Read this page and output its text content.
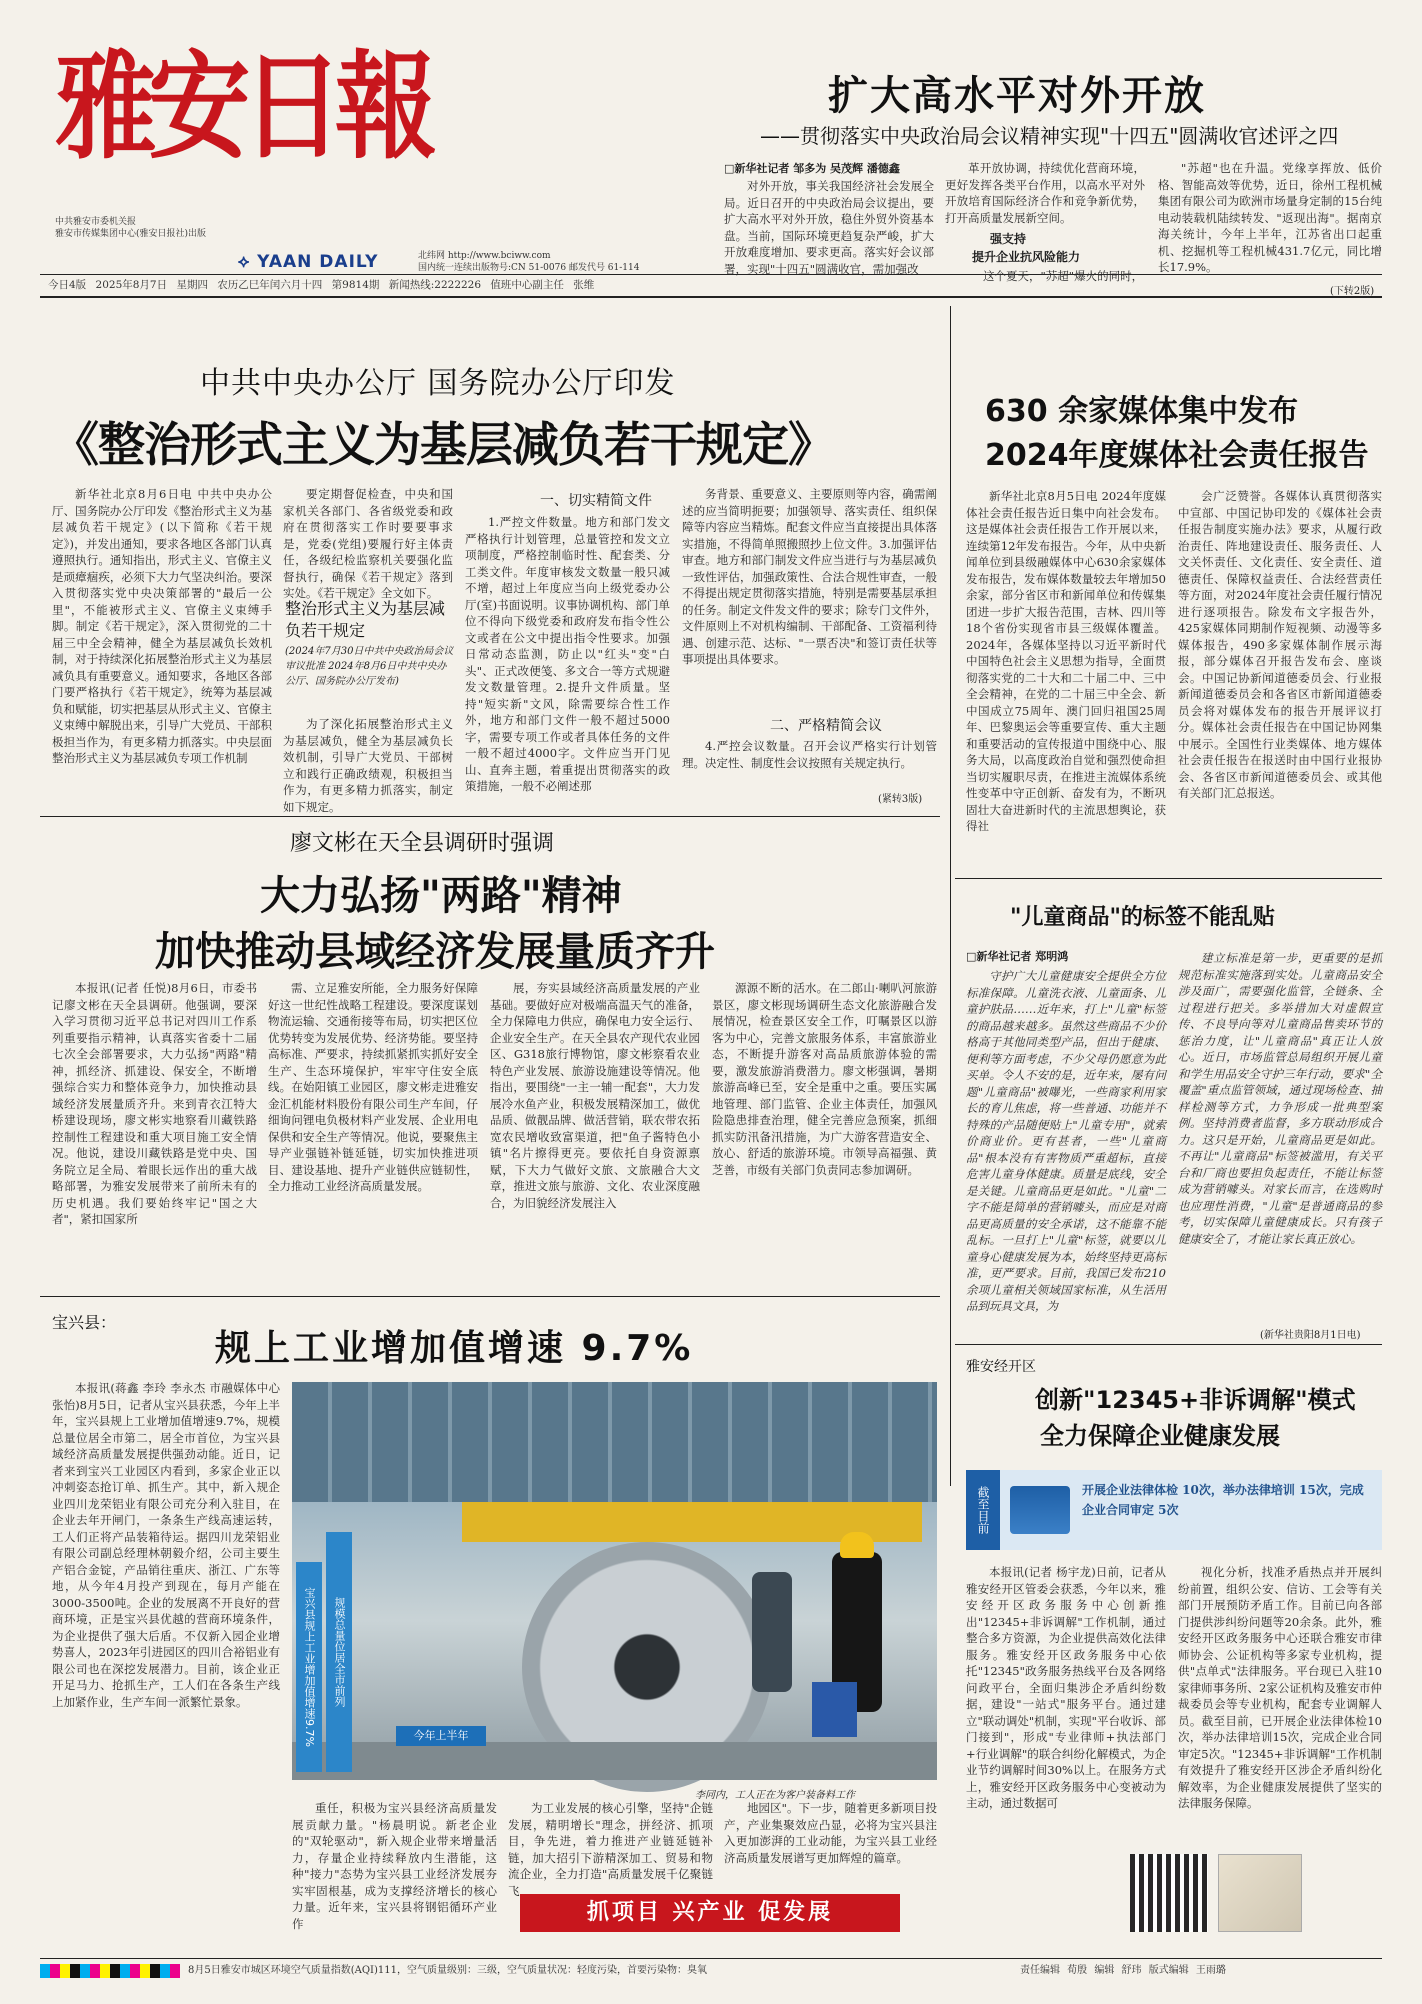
雅安日報
中共雅安市委机关报
雅安市传媒集团中心(雅安日报社)出版
⟡ YAAN DAILY	北纬网 http://www.bciww.com
国内统一连续出版物号:CN 51-0076 邮发代号 61-114
今日4版 2025年8月7日 星期四 农历乙巳年闰六月十四 第9814期 新闻热线:2222226 值班中心副主任 张维
扩大高水平对外开放
——贯彻落实中央政治局会议精神实现"十四五"圆满收官述评之四
□新华社记者 邹多为 吴茂辉 潘德鑫

对外开放，事关我国经济社会发展全局。近日召开的中央政治局会议提出，要扩大高水平对外开放，稳住外贸外资基本盘。当前，国际环境更趋复杂严峻，扩大开放难度增加、要求更高。落实好会议部署，实现"十四五"圆满收官，需加强改

革开放协调，持续优化营商环境，更好发挥各类平台作用，以高水平对外开放培育国际经济合作和竞争新优势，打开高质量发展新空间。

强支持
提升企业抗风险能力

这个夏天，"苏超"爆火的同时，

"苏超"也在升温。党缘享挥放、低价格、智能高效等优势，近日，徐州工程机械集团有限公司为欧洲市场量身定制的15台纯电动装载机陆续转发、"返现出海"。据南京海关统计，今年上半年，江苏省出口起重机、挖掘机等工程机械431.7亿元，同比增长17.9%。

(下转2版)
中共中央办公厅 国务院办公厅印发
《整治形式主义为基层减负若干规定》

新华社北京8月6日电 中共中央办公厅、国务院办公厅印发《整治形式主义为基层减负若干规定》(以下简称《若干规定》)，并发出通知，要求各地区各部门认真遵照执行。通知指出，形式主义、官僚主义是顽瘴痼疾，必须下大力气坚决纠治。要深入贯彻落实党中央决策部署的"最后一公里"，不能被形式主义、官僚主义束缚手脚。制定《若干规定》，深入贯彻党的二十届三中全会精神，健全为基层减负长效机制，对于持续深化拓展整治形式主义为基层减负具有重要意义。通知要求，各地区各部门要严格执行《若干规定》，统筹为基层减负和赋能，切实把基层从形式主义、官僚主义束缚中解脱出来，引导广大党员、干部积极担当作为，有更多精力抓落实。中央层面整治形式主义为基层减负专项工作机制

要定期督促检查，中央和国家机关各部门、各省级党委和政府在贯彻落实工作时要要事求是，党委(党组)要履行好主体责任，各级纪检监察机关要强化监督执行，确保《若干规定》落到实处。《若干规定》全文如下。

整治形式主义为基层减负若干规定
(2024年7月30日中共中央政治局会议审议批准 2024年8月6日中共中央办公厅、国务院办公厅发布)

为了深化拓展整治形式主义为基层减负，健全为基层减负长效机制，引导广大党员、干部树立和践行正确政绩观，积极担当作为，有更多精力抓落实，制定如下规定。

一、切实精简文件

1.严控文件数量。地方和部门发文严格执行计划管理，总量管控和发文立项制度，严格控制临时性、配套类、分工类文件。年度审核发文数量一般只减不增，超过上年度应当向上级党委办公厅(室)书面说明。议事协调机构、部门单位不得向下级党委和政府发布指令性公文或者在公文中提出指令性要求。加强日常动态监测，防止以"红头"变"白头"、正式改便笺、多文合一等方式规避发文数量管理。2.提升文件质量。坚持"短实新"文风，除需要综合性工作外，地方和部门文件一般不超过5000字，需要专项工作或者具体任务的文件一般不超过4000字。文件应当开门见山、直奔主题，着重提出贯彻落实的政策措施，一般不必阐述那

务背景、重要意义、主要原则等内容，确需阐述的应当简明扼要；加强领导、落实责任、组织保障等内容应当精炼。配套文件应当直接提出具体落实措施，不得简单照搬照抄上位文件。3.加强评估审查。地方和部门制发文件应当进行与为基层减负一致性评估，加强政策性、合法合规性审查，一般不得提出规定贯彻落实措施，特别是需要基层承担的任务。制定文件发文件的要求；除专门文件外，文件原则上不对机构编制、干部配备、工资福利待遇、创建示范、达标、"一票否决"和签订责任状等事项提出具体要求。

二、严格精简会议

4.严控会议数量。召开会议严格实行计划管理。决定性、制度性会议按照有关规定执行。

(紧转3版)
630 余家媒体集中发布
2024年度媒体社会责任报告

新华社北京8月5日电 2024年度媒体社会责任报告近日集中向社会发布。这是媒体社会责任报告工作开展以来，连续第12年发布报告。今年，从中央新闻单位到县级融媒体中心630余家媒体发布报告，发布媒体数量较去年增加50余家，部分省区市和新闻单位和传媒集团进一步扩大报告范围，吉林、四川等18个省份实现省市县三级媒体覆盖。2024年，各媒体坚持以习近平新时代中国特色社会主义思想为指导，全面贯彻落实党的二十大和二十届二中、三中全会精神，在党的二十届三中全会、新中国成立75周年、澳门回归祖国25周年、巴黎奥运会等重要宣传、重大主题和重要活动的宣传报道中围绕中心、服务大局，以高度政治自觉和强烈使命担当切实履职尽责，在推进主流媒体系统性变革中守正创新、奋发有为，不断巩固壮大奋进新时代的主流思想舆论，获得社

会广泛赞誉。各媒体认真贯彻落实中宣部、中国记协印发的《媒体社会责任报告制度实施办法》要求，从履行政治责任、阵地建设责任、服务责任、人文关怀责任、文化责任、安全责任、道德责任、保障权益责任、合法经营责任等方面，对2024年度社会责任履行情况进行逐项报告。除发布文字报告外，425家媒体同期制作短视频、动漫等多媒体报告，490多家媒体制作展示海报，部分媒体召开报告发布会、座谈会。中国记协新闻道德委员会、行业报新闻道德委员会和各省区市新闻道德委员会将对媒体发布的报告开展评议打分。媒体社会责任报告在中国记协网集中展示。全国性行业类媒体、地方媒体社会责任报告在报送时由中国行业报协会、各省区市新闻道德委员会、或其他有关部门汇总报送。

廖文彬在天全县调研时强调
大力弘扬"两路"精神
加快推动县域经济发展量质齐升

本报讯(记者 任悦)8月6日，市委书记廖文彬在天全县调研。他强调，要深入学习贯彻习近平总书记对四川工作系列重要指示精神，认真落实省委十二届七次全会部署要求，大力弘扬"两路"精神，抓经济、抓建设、保安全，不断增强综合实力和整体竞争力，加快推动县域经济发展量质齐升。来到青衣江特大桥建设现场，廖文彬实地察看川藏铁路控制性工程建设和重大项目施工安全情况。他说，建设川藏铁路是党中央、国务院立足全局、着眼长远作出的重大战略部署，为雅安发展带来了前所未有的历史机遇。我们要始终牢记"国之大者"，紧扣国家所

需、立足雅安所能，全力服务好保障好这一世纪性战略工程建设。要深度谋划物流运输、交通衔接等布局，切实把区位优势转变为发展优势、经济势能。要坚持高标准、严要求，持续抓紧抓实抓好安全生产、生态环境保护，牢牢守住安全底线。在始阳镇工业园区，廖文彬走进雅安金汇机能材料股份有限公司生产车间，仔细询问锂电负极材料产业发展、企业用电保供和安全生产等情况。他说，要聚焦主导产业强链补链延链，切实加快推进项目、建设基地、提升产业链供应链韧性，全力推动工业经济高质量发展。

展，夯实县域经济高质量发展的产业基础。要做好应对极端高温天气的准备，全力保障电力供应，确保电力安全运行、企业安全生产。在天全县农产现代农业园区、G318旅行博物馆，廖文彬察看农业特色产业发展、旅游设施建设等情况。他指出，要围绕"一主一辅一配套"，大力发展冷水鱼产业，积极发展精深加工，做优品质、做靓品牌、做活营销，联农带农拓宽农民增收致富渠道，把"鱼子酱特色小镇"名片擦得更亮。要依托自身资源禀赋，下大力气做好文旅、文旅融合大文章，推进文旅与旅游、文化、农业深度融合，为旧貌经济发展注入

源源不断的活水。在二郎山·喇叭河旅游景区，廖文彬现场调研生态文化旅游融合发展情况，检查景区安全工作，叮嘱景区以游客为中心，完善文旅服务体系，丰富旅游业态，不断提升游客对高品质旅游体验的需要，激发旅游消费潜力。廖文彬强调，暑期旅游高峰已至，安全是重中之重。要压实属地管理、部门监管、企业主体责任，加强风险隐患排查治理，健全完善应急预案，抓细抓实防汛备汛措施，为广大游客营造安全、放心、舒适的旅游环境。市领导高福强、黄芝善，市级有关部门负责同志参加调研。

"儿童商品"的标签不能乱贴
□新华社记者 郑明鸿

守护广大儿童健康安全提供全方位标准保障。儿童洗衣液、儿童面条、儿童护肤品……近年来，打上"儿童"标签的商品越来越多。虽然这些商品不少价格高于其他同类型产品，但出于健康、便利等方面考虑，不少父母仍愿意为此买单。令人不安的是，近年来，屡有问题"儿童商品"被曝光，一些商家利用家长的育儿焦虑，将一些普通、功能并不特殊的产品随便贴上"儿童专用"，就索价商业价。更有甚者，一些"儿童商品"根本没有有害物质严重超标，直接危害儿童身体健康。质量是底线，安全是关键。儿童商品更是如此。"儿童"二字不能是简单的营销噱头，而应是对商品更高质量的安全承诺，这不能靠不能乱标。一旦打上"儿童"标签，就要以儿童身心健康发展为本，始终坚持更高标准，更严要求。目前，我国已发布210余项儿童相关领域国家标准，从生活用品到玩具文具，为

建立标准是第一步，更重要的是抓规范标准实施落到实处。儿童商品安全涉及面广，需要强化监管，全链条、全过程进行把关。多举措加大对虚假宣传、不良导向等对儿童商品售卖环节的惩治力度，让"儿童商品"真正让人放心。近日，市场监管总局组织开展儿童和学生用品安全守护三年行动，要求"全覆盖"重点监管领域，通过现场检查、抽样检测等方式，力争形成一批典型案例。坚持消费者监督，多方联动形成合力。这只是开始，儿童商品更是如此。不再让"儿童商品"标签被滥用，有关平台和厂商也要担负起责任，不能让标签成为营销噱头。对家长而言，在选购时也应理性消费，"儿童"是普通商品的参考，切实保障儿童健康成长。只有孩子健康安全了，才能让家长真正放心。

(新华社贵阳8月1日电)
宝兴县：
规上工业增加值增速 9.7%

本报讯(蒋鑫 李玲 李永杰 市融媒体中心 张怡)8月5日，记者从宝兴县获悉，今年上半年，宝兴县规上工业增加值增速9.7%，规模总量位居全市第二，居全市首位，为宝兴县域经济高质量发展提供强劲动能。近日，记者来到宝兴工业园区内看到，多家企业正以冲刺姿态抢订单、抓生产。其中，新入规企业四川龙荣铝业有限公司充分利入驻目，在企业去年开闸门，一条条生产线高速运转，工人们正将产品装箱待运。据四川龙荣铝业有限公司副总经理林朝毅介绍，公司主要生产铝合金锭，产品销往重庆、浙江、广东等地，从今年4月投产到现在，每月产能在3000-3500吨。企业的发展离不开良好的营商环境，正是宝兴县优越的营商环境条件，为企业提供了强大后盾。不仅新入园企业增势喜人，2023年引进园区的四川合裕铝业有限公司也在深挖发展潜力。目前，该企业正开足马力、抢抓生产，工人们在各条生产线上加紧作业，生产车间一派繁忙景象。	宝兴县规上工业增加值增速9.7%	规模总量位居全市前列
今年上半年
李同内，工人正在为客户装备料工作

重任，积极为宝兴县经济高质量发展贡献力量。"杨晨明说。新老企业的"双轮驱动"，新入规企业带来增量活力，存量企业持续释放内生潜能，这种"接力"态势为宝兴县工业经济发展夯实牢固根基，成为支撑经济增长的核心力量。近年来，宝兴县将钢铝循环产业作

为工业发展的核心引擎，坚持"企链发展，精明增长"理念，拼经济、抓项目，争先进，着力推进产业链延链补链，加大招引下游精深加工、贸易和物流企业，全力打造"高质量发展千亿聚链飞

地园区"。下一步，随着更多新项目投产，产业集聚效应凸显，必将为宝兴县注入更加澎湃的工业动能，为宝兴县工业经济高质量发展谱写更加辉煌的篇章。

抓项目 兴产业 促发展
雅安经开区
创新"12345+非诉调解"模式
全力保障企业健康发展
截至目前	开展企业法律体检 10次，举办法律培训 15次，完成企业合同审定 5次

本报讯(记者 杨宇龙)日前，记者从雅安经开区管委会获悉，今年以来，雅安经开区政务服务中心创新推出"12345+非诉调解"工作机制，通过整合多方资源，为企业提供高效化法律服务。雅安经开区政务服务中心依托"12345"政务服务热线平台及各网络问政平台，全面归集涉企矛盾纠纷数据，建设"一站式"服务平台。通过建立"联动调处"机制，实现"平台收诉、部门接到"，形成"专业律师+执法部门+行业调解"的联合纠纷化解模式，为企业节约调解时间30%以上。在服务方式上，雅安经开区政务服务中心变被动为主动，通过数据可

视化分析，找准矛盾热点并开展纠纷前置，组织公安、信访、工会等有关部门开展预防矛盾工作。目前已向各部门提供涉纠纷问题等20余条。此外，雅安经开区政务服务中心还联合雅安市律师协会、公证机构等多家专业机构，提供"点单式"法律服务。平台现已入驻10家律师事务所、2家公证机构及雅安市仲裁委员会等专业机构，配套专业调解人员。截至目前，已开展企业法律体检10次，举办法律培训15次，完成企业合同审定5次。"12345+非诉调解"工作机制有效提升了雅安经开区涉企矛盾纠纷化解效率，为企业健康发展提供了坚实的法律服务保障。

8月5日雅安市城区环境空气质量指数(AQI)111，空气质量级别：三级，空气质量状况：轻度污染，首要污染物：臭氧	责任编辑 荀殷 编辑 舒玮 版式编辑 王雨璐
